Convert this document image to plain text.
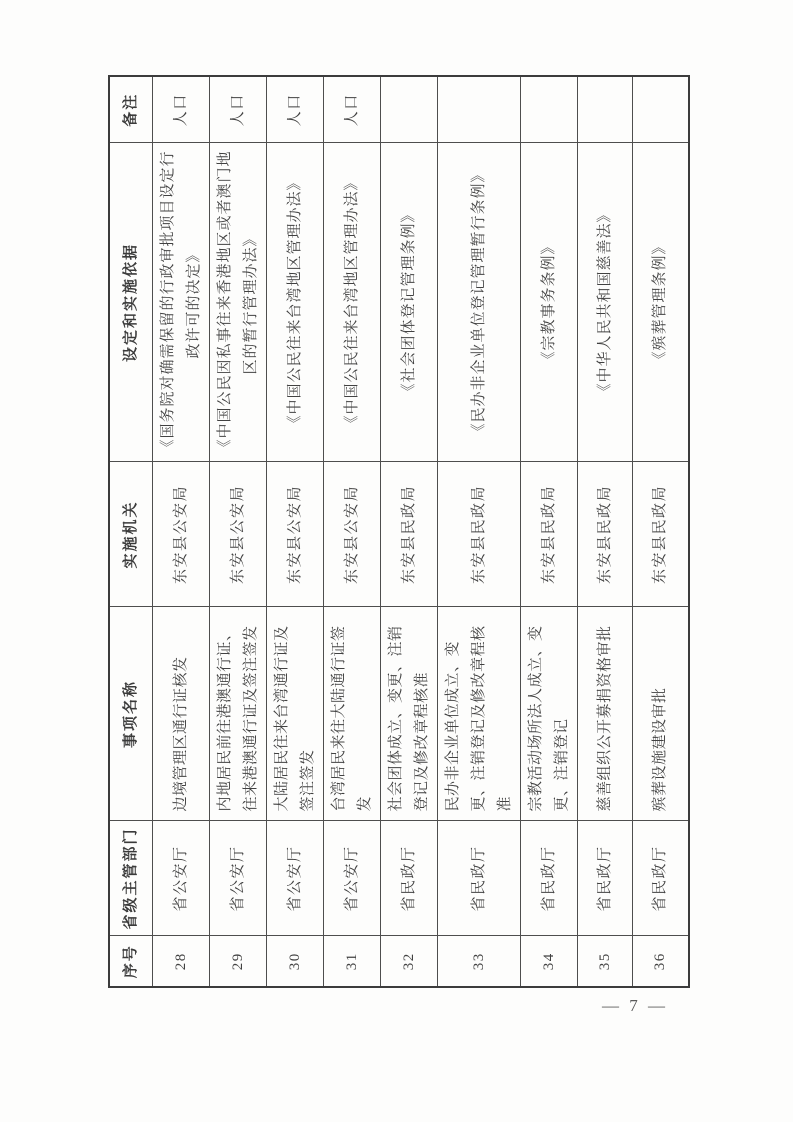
序号	省级主管部门	事项名称	实施机关	设定和实施依据	备注
28	省公安厅	边境管理区通行证核发	东安县公安局	《国务院对确需保留的行政审批项目设定行政许可的决定》	人口
29	省公安厅	内地居民前往港澳通行证、往来港澳通行证及签注签发	东安县公安局	《中国公民因私事往来香港地区或者澳门地区的暂行管理办法》	人口
30	省公安厅	大陆居民往来台湾通行证及签注签发	东安县公安局	《中国公民往来台湾地区管理办法》	人口
31	省公安厅	台湾居民来往大陆通行证签发	东安县公安局	《中国公民往来台湾地区管理办法》	人口
32	省民政厅	社会团体成立、变更、注销登记及修改章程核准	东安县民政局	《社会团体登记管理条例》	
33	省民政厅	民办非企业单位成立、变更、注销登记及修改章程核准	东安县民政局	《民办非企业单位登记管理暂行条例》	
34	省民政厅	宗教活动场所法人成立、变更、注销登记	东安县民政局	《宗教事务条例》	
35	省民政厅	慈善组织公开募捐资格审批	东安县民政局	《中华人民共和国慈善法》	
36	省民政厅	殡葬设施建设审批	东安县民政局	《殡葬管理条例》	
— 7 —
